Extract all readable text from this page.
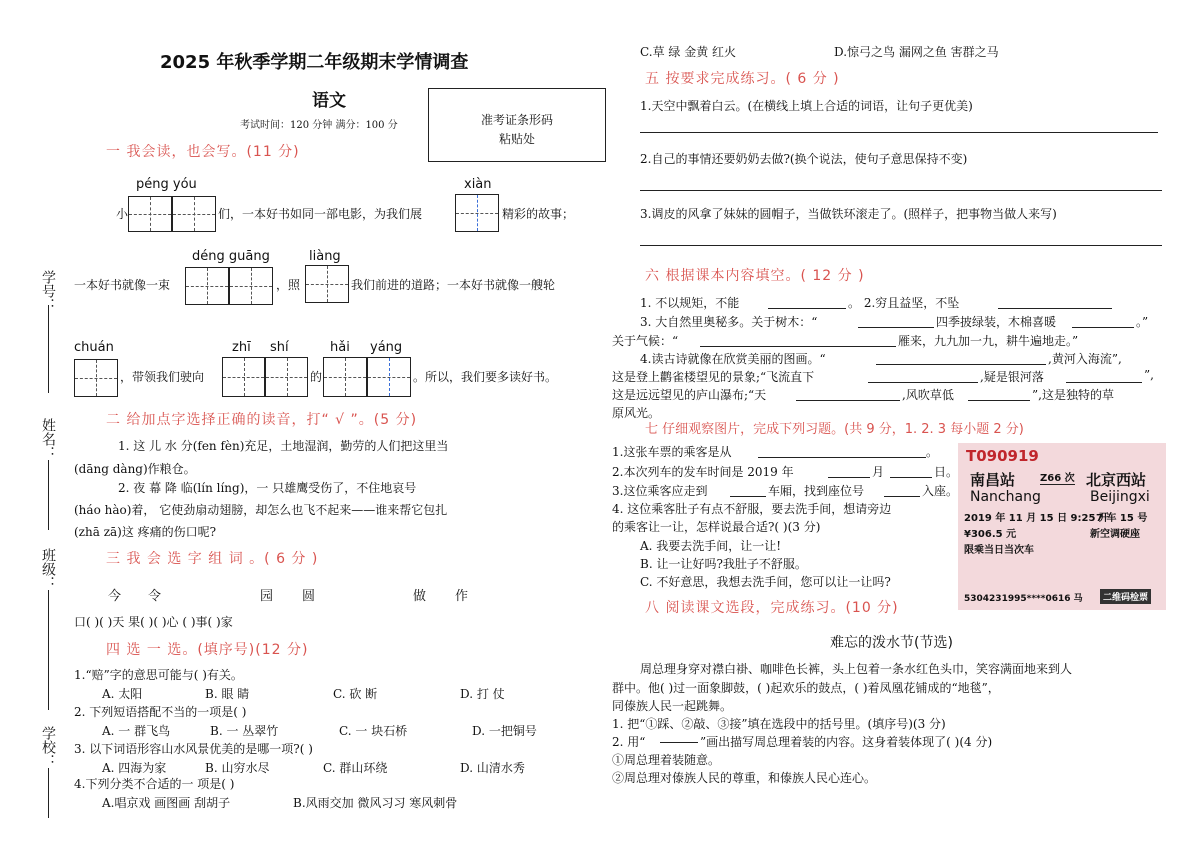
2025 年秋季学期二年级期末学情调查
语文
考试时间：120 分钟 满分：100 分	准考证条形码
粘贴处
学号：
姓名：
班级：
学校：
一 我会读，也会写。(11 分)
péng yóu	xiàn
小	们，一本好书如同一部电影，为我们展	精彩的故事；
déng guāng	liàng
一本好书就像一束	，照	我们前进的道路；一本好书就像一艘轮
chuán	zhī shí	hǎi yáng
，带领我们驶向	的	。所以，我们要多读好书。
二 给加点字选择正确的读音，打“ √ ”。(5 分)
1. 这 儿 水 分(fen fèn)充足，土地湿润，勤劳的人们把这里当
(dāng dàng)作粮仓。
2. 夜 幕 降 临(lín líng)，一 只雄鹰受伤了，不住地哀号
(háo hào)着， 它使劲扇动翅膀，却怎么也飞不起来——谁来帮它包扎
(zhā zā)这 疼痛的伤口呢?
三 我 会 选 字 组 词 。( 6 分 )
今 令	园 圆	做 作
口( )( )天 果( )( )心 ( )事( )家
四 选 一 选。(填序号)(12 分)
1.“赔”字的意思可能与( )有关。
A. 太阳	B. 眼 睛	C. 砍 断	D. 打 仗
2. 下列短语搭配不当的一项是( )
A. 一 群飞鸟	B. 一 丛翠竹	C. 一 块石桥	D. 一把铜号
3. 以下词语形容山水风景优美的是哪一项?( )
A. 四海为家	B. 山穷水尽	C. 群山环绕	D. 山清水秀
4.下列分类不合适的一 项是( )
A.唱京戏 画图画 刮胡子	B.风雨交加 微风习习 寒风刺骨
C.草 绿 金黄 红火	D.惊弓之鸟 漏网之鱼 害群之马
五 按要求完成练习。( 6 分 )
1.天空中飘着白云。(在横线上填上合适的词语，让句子更优美)
2.自己的事情还要奶奶去做?(换个说法，使句子意思保持不变)
3.调皮的风拿了妹妹的圆帽子，当做铁环滚走了。(照样子，把事物当做人来写)
六 根据课本内容填空。( 12 分 )
1. 不以规矩，不能	。 2.穷且益坚，不坠
3. 大自然里奥秘多。关于树木：“	四季披绿装，木棉喜暖	。”
关于气候：“	雁来，九九加一九，耕牛遍地走。”
4.读古诗就像在欣赏美丽的图画。“	,黄河入海流”,
这是登上鹳雀楼望见的景象;“飞流直下	,疑是银河落	”,
这是远远望见的庐山瀑布;“天	,风吹草低	”,这是独特的草
原风光。
七 仔细观察图片，完成下列习题。(共 9 分，1. 2. 3 每小题 2 分)
1.这张车票的乘客是从	。
2.本次列车的发车时间是 2019 年	月	日。
3.这位乘客应走到	车厢，找到座位号	入座。
4. 这位乘客肚子有点不舒服，要去洗手间，想请旁边
的乘客让一让，怎样说最合适?( )(3 分)
A. 我要去洗手间，让一让!
B. 让一让好吗?我肚子不舒服。
C. 不好意思，我想去洗手间，您可以让一让吗?
T090919
南昌站 Z66 次 北京西站
Nanchang	Beijingxi
2019 年 11 月 15 日 9:25 开
7 车 15 号
¥306.5 元	新空调硬座
限乘当日当次车
5304231995****0616 马	二维码检票
八 阅读课文选段，完成练习。(10 分)
难忘的泼水节(节选)
周总理身穿对襟白褂、咖啡色长裤，头上包着一条水红色头巾，笑容满面地来到人
群中。他( )过一面象脚鼓，( )起欢乐的鼓点，( )着凤凰花铺成的“地毯”，
同傣族人民一起跳舞。
1. 把“①踩、②敲、③接”填在选段中的括号里。(填序号)(3 分)
2. 用“	”画出描写周总理着装的内容。这身着装体现了( )(4 分)
①周总理着装随意。
②周总理对傣族人民的尊重，和傣族人民心连心。
